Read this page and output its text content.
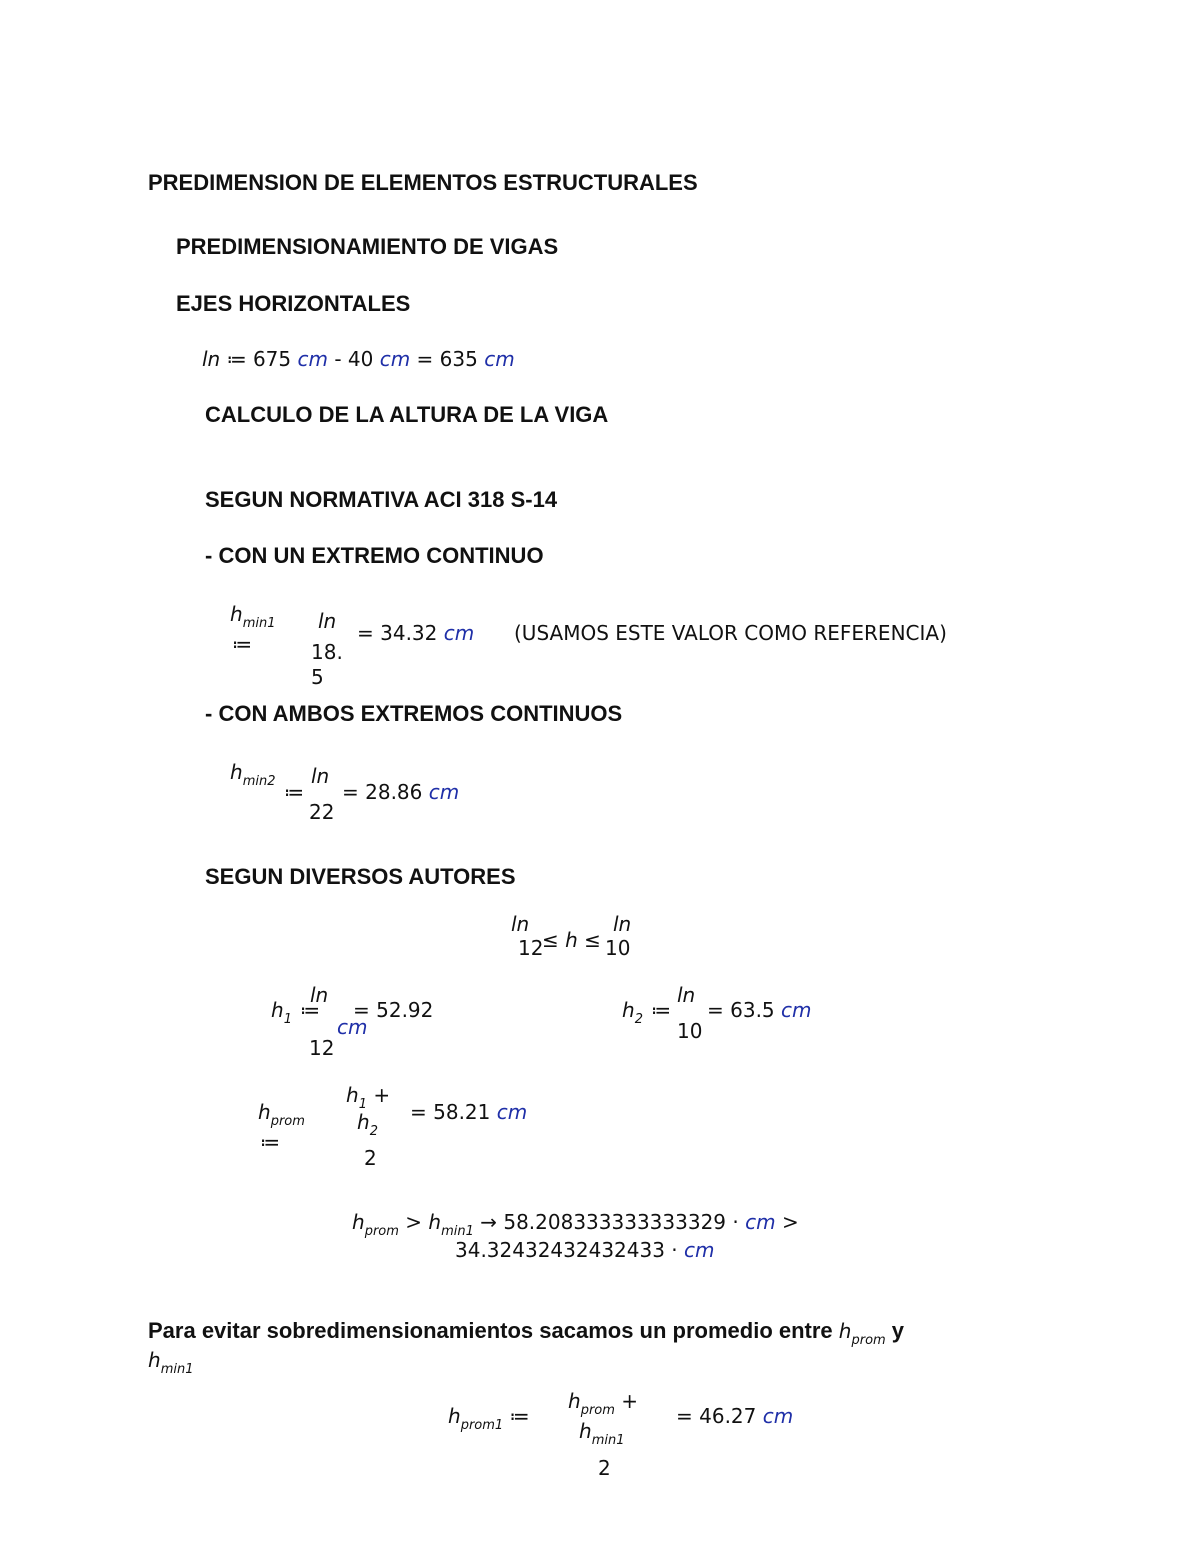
PREDIMENSION DE ELEMENTOS ESTRUCTURALES
PREDIMENSIONAMIENTO DE VIGAS
EJES HORIZONTALES
ln ≔ 675 cm - 40 cm = 635 cm
CALCULO DE LA ALTURA DE LA VIGA
SEGUN NORMATIVA ACI 318 S-14
- CON UN EXTREMO CONTINUO
$h_{min1}$
≔
ln
18.
5
= 34.32 cm (USAMOS ESTE VALOR COMO REFERENCIA)
- CON AMBOS EXTREMOS CONTINUOS
$h_{min2}$ ≔
ln
22
= 28.86 cm
SEGUN DIVERSOS AUTORES
ln
12
≤ h ≤
ln
10
$h_1$ ≔
ln
12
= 52.92
cm
$h_2$ ≔
ln
10
= 63.5 cm
$h_{prom}$
≔
$h_1$ +
$h_2$
2
= 58.21 cm
$h_{prom} > h_{min1} \to 58.208333333333329$ · cm >
34.32432432432433 · cm
Para evitar sobredimensionamientos sacamos un promedio entre $h_{prom}$ y
$h_{min1}$
$h_{prom1}$ ≔
$h_{prom}$ +
$h_{min1}$
2
= 46.27 cm
